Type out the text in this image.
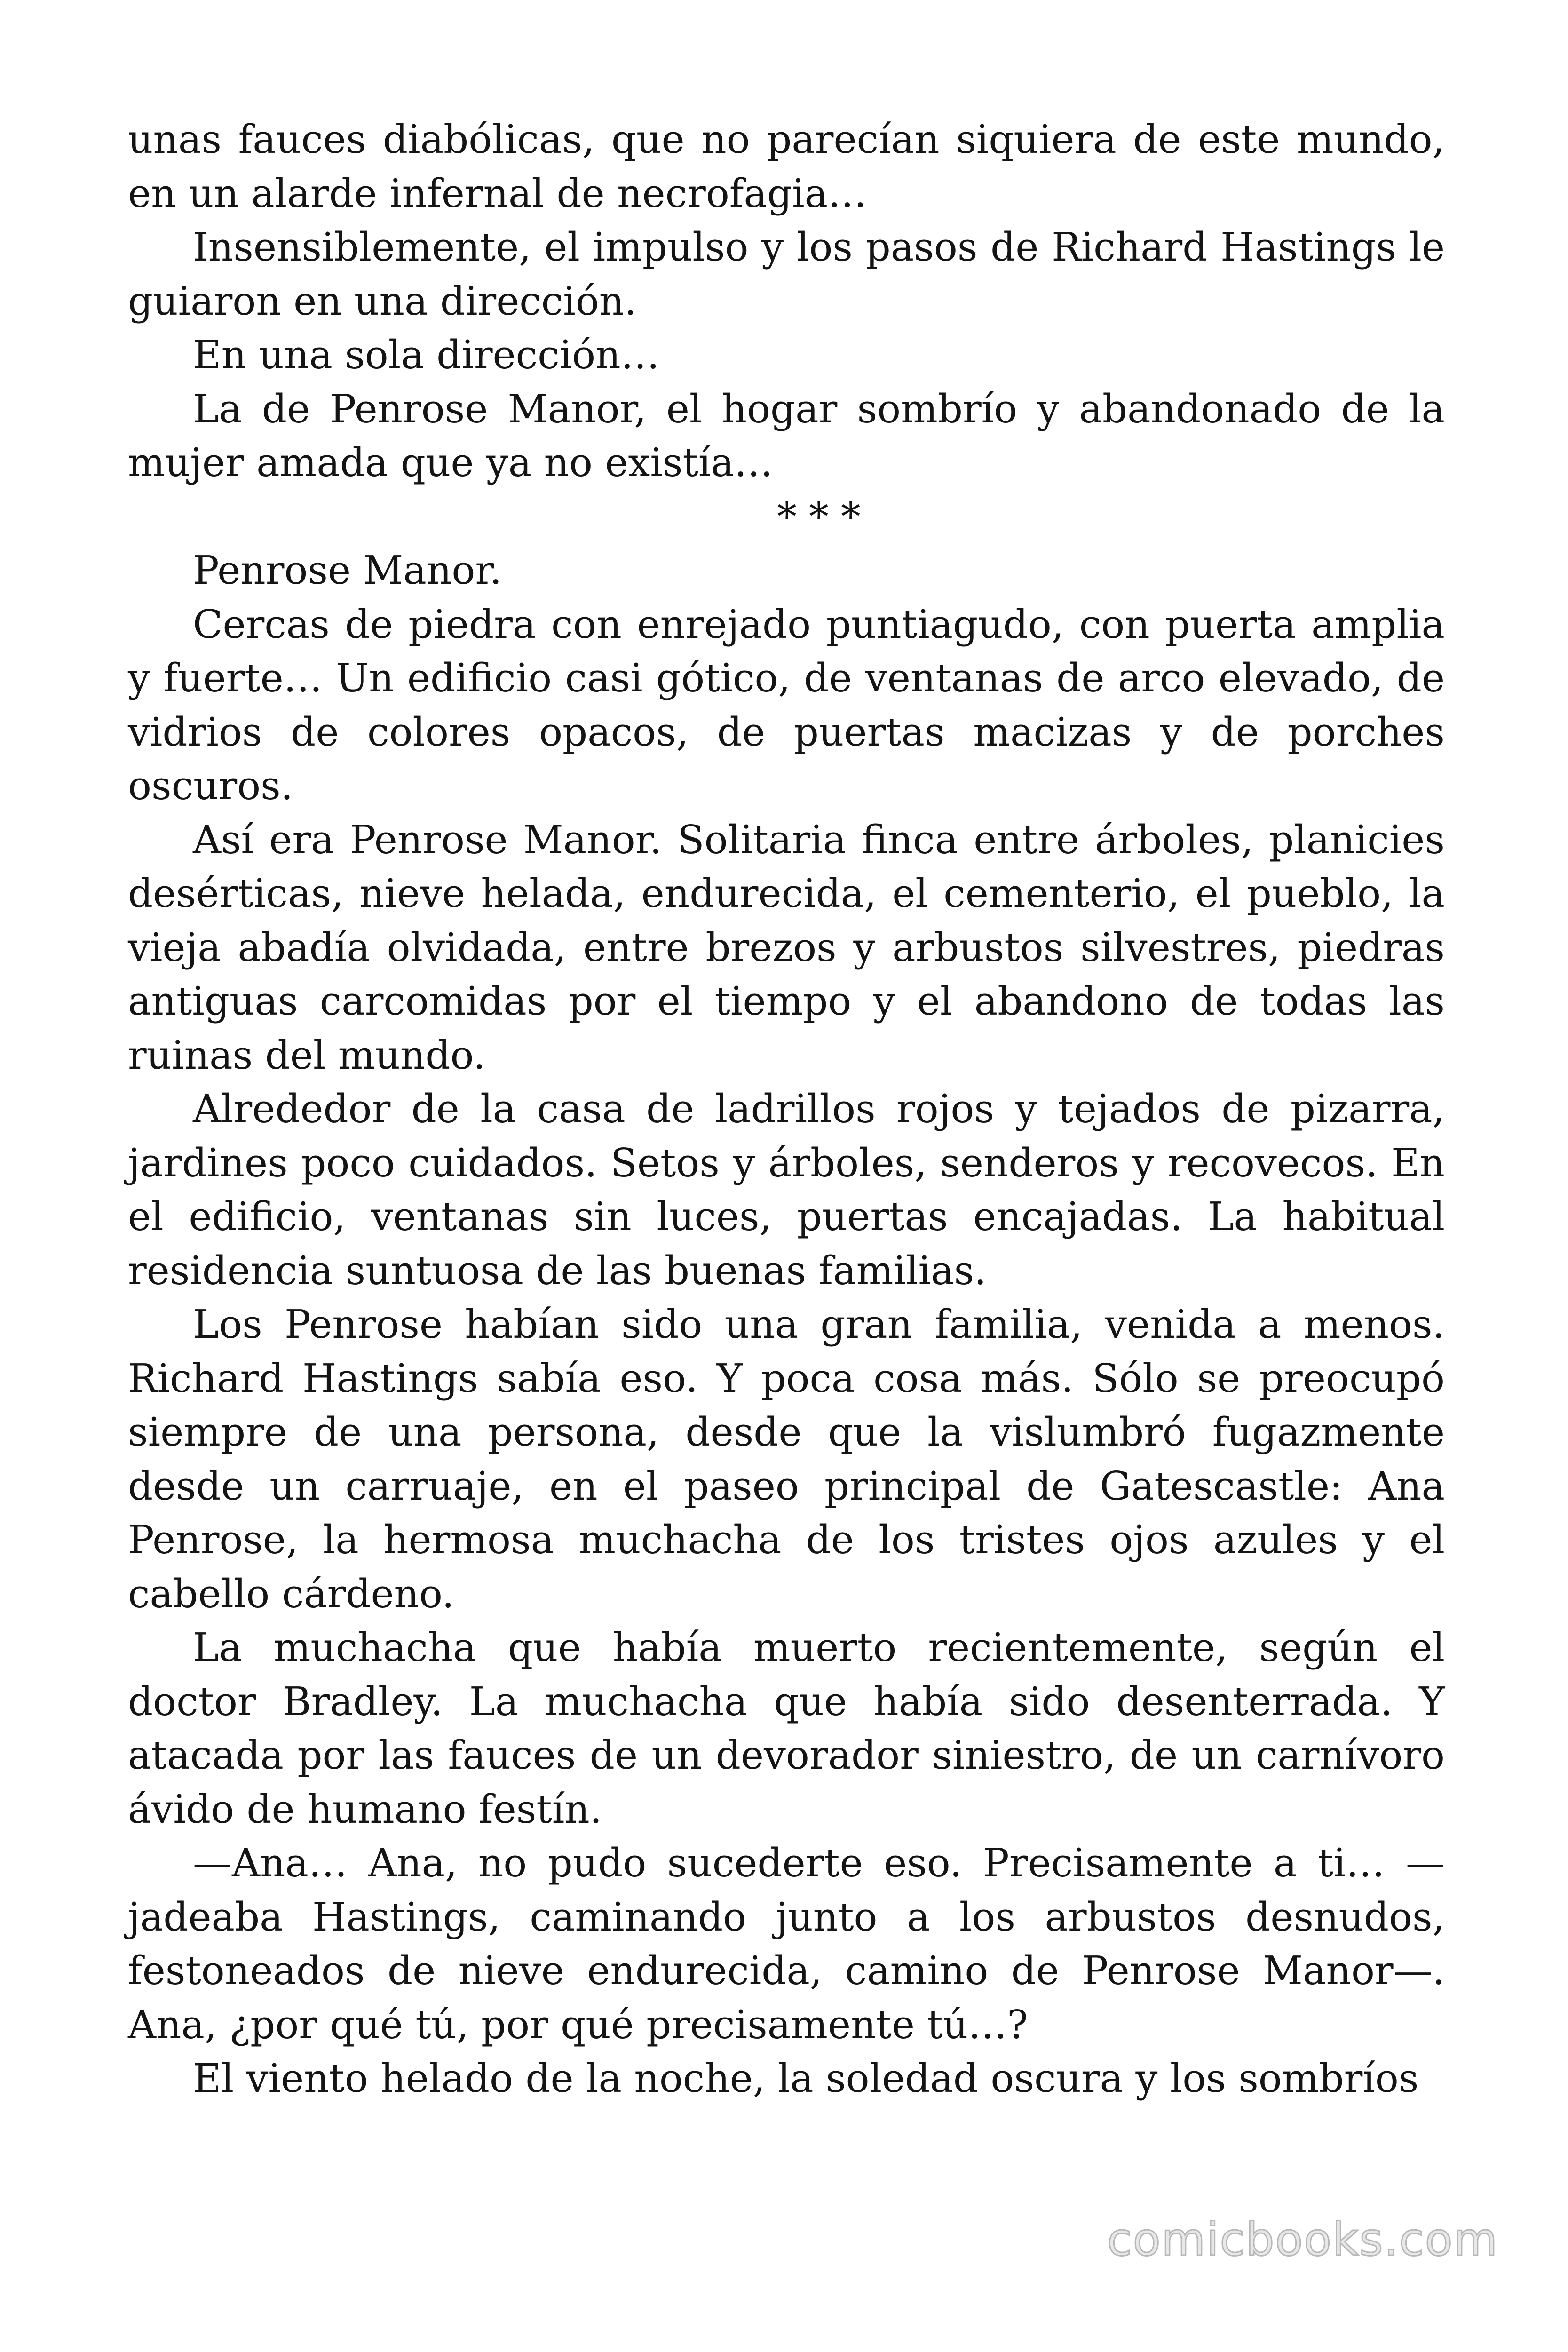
unas fauces diabólicas, que no parecían siquiera de este mundo, en un alarde infernal de necrofagia…

Insensiblemente, el impulso y los pasos de Richard Hastings le guiaron en una dirección.

En una sola dirección…

La de Penrose Manor, el hogar sombrío y abandonado de la mujer amada que ya no existía…

* * *

Penrose Manor.

Cercas de piedra con enrejado puntiagudo, con puerta amplia y fuerte… Un edificio casi gótico, de ventanas de arco elevado, de vidrios de colores opacos, de puertas macizas y de porches oscuros.

Así era Penrose Manor. Solitaria finca entre árboles, planicies desérticas, nieve helada, endurecida, el cementerio, el pueblo, la vieja abadía olvidada, entre brezos y arbustos silvestres, piedras antiguas carcomidas por el tiempo y el abandono de todas las ruinas del mundo.

Alrededor de la casa de ladrillos rojos y tejados de pizarra, jardines poco cuidados. Setos y árboles, senderos y recovecos. En el edificio, ventanas sin luces, puertas encajadas. La habitual residencia suntuosa de las buenas familias.

Los Penrose habían sido una gran familia, venida a menos. Richard Hastings sabía eso. Y poca cosa más. Sólo se preocupó siempre de una persona, desde que la vislumbró fugazmente desde un carruaje, en el paseo principal de Gatescastle: Ana Penrose, la hermosa muchacha de los tristes ojos azules y el cabello cárdeno.

La muchacha que había muerto recientemente, según el doctor Bradley. La muchacha que había sido desenterrada. Y atacada por las fauces de un devorador siniestro, de un carnívoro ávido de humano festín.

—Ana… Ana, no pudo sucederte eso. Precisamente a ti… —jadeaba Hastings, caminando junto a los arbustos desnudos, festoneados de nieve endurecida, camino de Penrose Manor—. Ana, ¿por qué tú, por qué precisamente tú…?

El viento helado de la noche, la soledad oscura y los sombríos

comicbooks.com
